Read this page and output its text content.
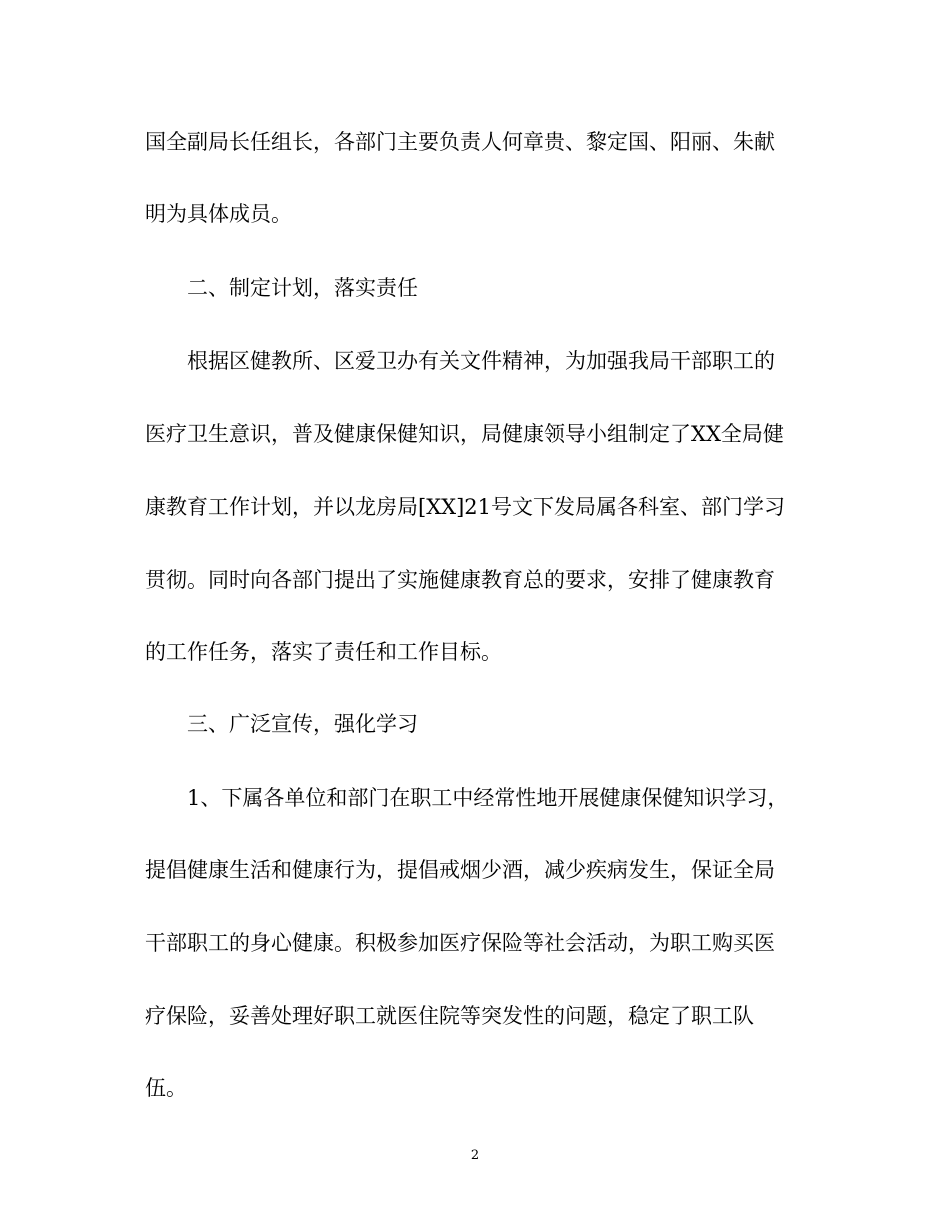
国全副局长任组长，各部门主要负责人何章贵、黎定国、阳丽、朱献
明为具体成员。
二、制定计划，落实责任
根据区健教所、区爱卫办有关文件精神，为加强我局干部职工的
医疗卫生意识，普及健康保健知识，局健康领导小组制定了XX全局健
康教育工作计划，并以龙房局[XX]21号文下发局属各科室、部门学习
贯彻。同时向各部门提出了实施健康教育总的要求，安排了健康教育
的工作任务，落实了责任和工作目标。
三、广泛宣传，强化学习
1、下属各单位和部门在职工中经常性地开展健康保健知识学习，
提倡健康生活和健康行为，提倡戒烟少酒，减少疾病发生，保证全局
干部职工的身心健康。积极参加医疗保险等社会活动，为职工购买医
疗保险，妥善处理好职工就医住院等突发性的问题，稳定了职工队
伍。
2
